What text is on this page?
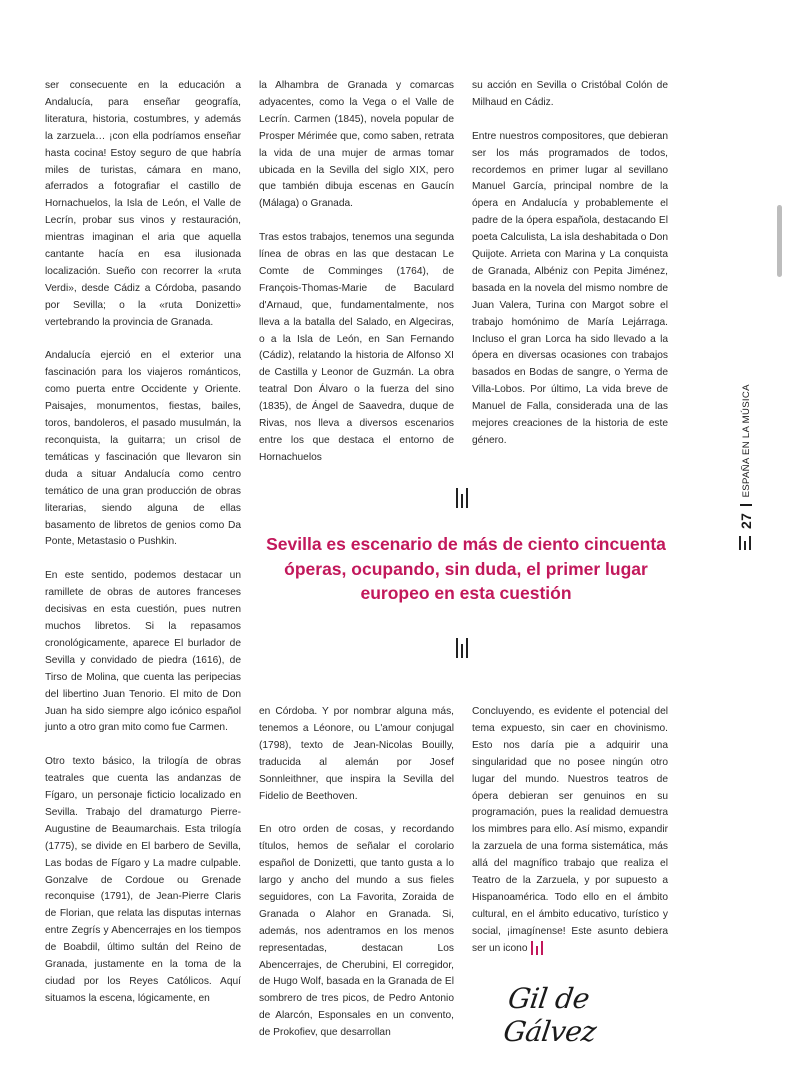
ser consecuente en la educación a Andalucía, para enseñar geografía, literatura, historia, costumbres, y además la zarzuela… ¡con ella podríamos enseñar hasta cocina! Estoy seguro de que habría miles de turistas, cámara en mano, aferrados a fotografiar el castillo de Hornachuelos, la Isla de León, el Valle de Lecrín, probar sus vinos y restauración, mientras imaginan el aria que aquella cantante hacía en esa ilusionada localización. Sueño con recorrer la «ruta Verdi», desde Cádiz a Córdoba, pasando por Sevilla; o la «ruta Donizetti» vertebrando la provincia de Granada.

Andalucía ejerció en el exterior una fascinación para los viajeros románticos, como puerta entre Occidente y Oriente. Paisajes, monumentos, fiestas, bailes, toros, bandoleros, el pasado musulmán, la reconquista, la guitarra; un crisol de temáticas y fascinación que llevaron sin duda a situar Andalucía como centro temático de una gran producción de obras literarias, siendo alguna de ellas basamento de libretos de genios como Da Ponte, Metastasio o Pushkin.

En este sentido, podemos destacar un ramillete de obras de autores franceses decisivas en esta cuestión, pues nutren muchos libretos. Si la repasamos cronológicamente, aparece El burlador de Sevilla y convidado de piedra (1616), de Tirso de Molina, que cuenta las peripecias del libertino Juan Tenorio. El mito de Don Juan ha sido siempre algo icónico español junto a otro gran mito como fue Carmen.

Otro texto básico, la trilogía de obras teatrales que cuenta las andanzas de Fígaro, un personaje ficticio localizado en Sevilla. Trabajo del dramaturgo Pierre-Augustine de Beaumarchais. Esta trilogía (1775), se divide en El barbero de Sevilla, Las bodas de Fígaro y La madre culpable. Gonzalve de Cordoue ou Grenade reconquise (1791), de Jean-Pierre Claris de Florian, que relata las disputas internas entre Zegrís y Abencerrajes en los tiempos de Boabdil, último sultán del Reino de Granada, justamente en la toma de la ciudad por los Reyes Católicos. Aquí situamos la escena, lógicamente, en

la Alhambra de Granada y comarcas adyacentes, como la Vega o el Valle de Lecrín. Carmen (1845), novela popular de Prosper Mérimée que, como saben, retrata la vida de una mujer de armas tomar ubicada en la Sevilla del siglo XIX, pero que también dibuja escenas en Gaucín (Málaga) o Granada.

Tras estos trabajos, tenemos una segunda línea de obras en las que destacan Le Comte de Comminges (1764), de François-Thomas-Marie de Baculard d'Arnaud, que, fundamentalmente, nos lleva a la batalla del Salado, en Algeciras, o a la Isla de León, en San Fernando (Cádiz), relatando la historia de Alfonso XI de Castilla y Leonor de Guzmán. La obra teatral Don Álvaro o la fuerza del sino (1835), de Ángel de Saavedra, duque de Rivas, nos lleva a diversos escenarios entre los que destaca el entorno de Hornachuelos

su acción en Sevilla o Cristóbal Colón de Milhaud en Cádiz.

Entre nuestros compositores, que debieran ser los más programados de todos, recordemos en primer lugar al sevillano Manuel García, principal nombre de la ópera en Andalucía y probablemente el padre de la ópera española, destacando El poeta Calculista, La isla deshabitada o Don Quijote. Arrieta con Marina y La conquista de Granada, Albéniz con Pepita Jiménez, basada en la novela del mismo nombre de Juan Valera, Turina con Margot sobre el trabajo homónimo de María Lejárraga. Incluso el gran Lorca ha sido llevado a la ópera en diversas ocasiones con trabajos basados en Bodas de sangre, o Yerma de Villa-Lobos. Por último, La vida breve de Manuel de Falla, considerada una de las mejores creaciones de la historia de este género.

Sevilla es escenario de más de ciento cincuenta óperas, ocupando, sin duda, el primer lugar europeo en esta cuestión

en Córdoba. Y por nombrar alguna más, tenemos a Léonore, ou L'amour conjugal (1798), texto de Jean-Nicolas Bouilly, traducida al alemán por Josef Sonnleithner, que inspira la Sevilla del Fidelio de Beethoven.

En otro orden de cosas, y recordando títulos, hemos de señalar el corolario español de Donizetti, que tanto gusta a lo largo y ancho del mundo a sus fieles seguidores, con La Favorita, Zoraida de Granada o Alahor en Granada. Si, además, nos adentramos en los menos representadas, destacan Los Abencerrajes, de Cherubini, El corregidor, de Hugo Wolf, basada en la Granada de El sombrero de tres picos, de Pedro Antonio de Alarcón, Esponsales en un convento, de Prokofiev, que desarrollan

Concluyendo, es evidente el potencial del tema expuesto, sin caer en chovinismo. Esto nos daría pie a adquirir una singularidad que no posee ningún otro lugar del mundo. Nuestros teatros de ópera debieran ser genuinos en su programación, pues la realidad demuestra los mimbres para ello. Así mismo, expandir la zarzuela de una forma sistemática, más allá del magnífico trabajo que realiza el Teatro de la Zarzuela, y por supuesto a Hispanoamérica. Todo ello en el ámbito cultural, en el ámbito educativo, turístico y social, ¡imagínense! Este asunto debiera ser un icono

Gil de Gálvez
27
ESPAÑA EN LA MÚSICA
